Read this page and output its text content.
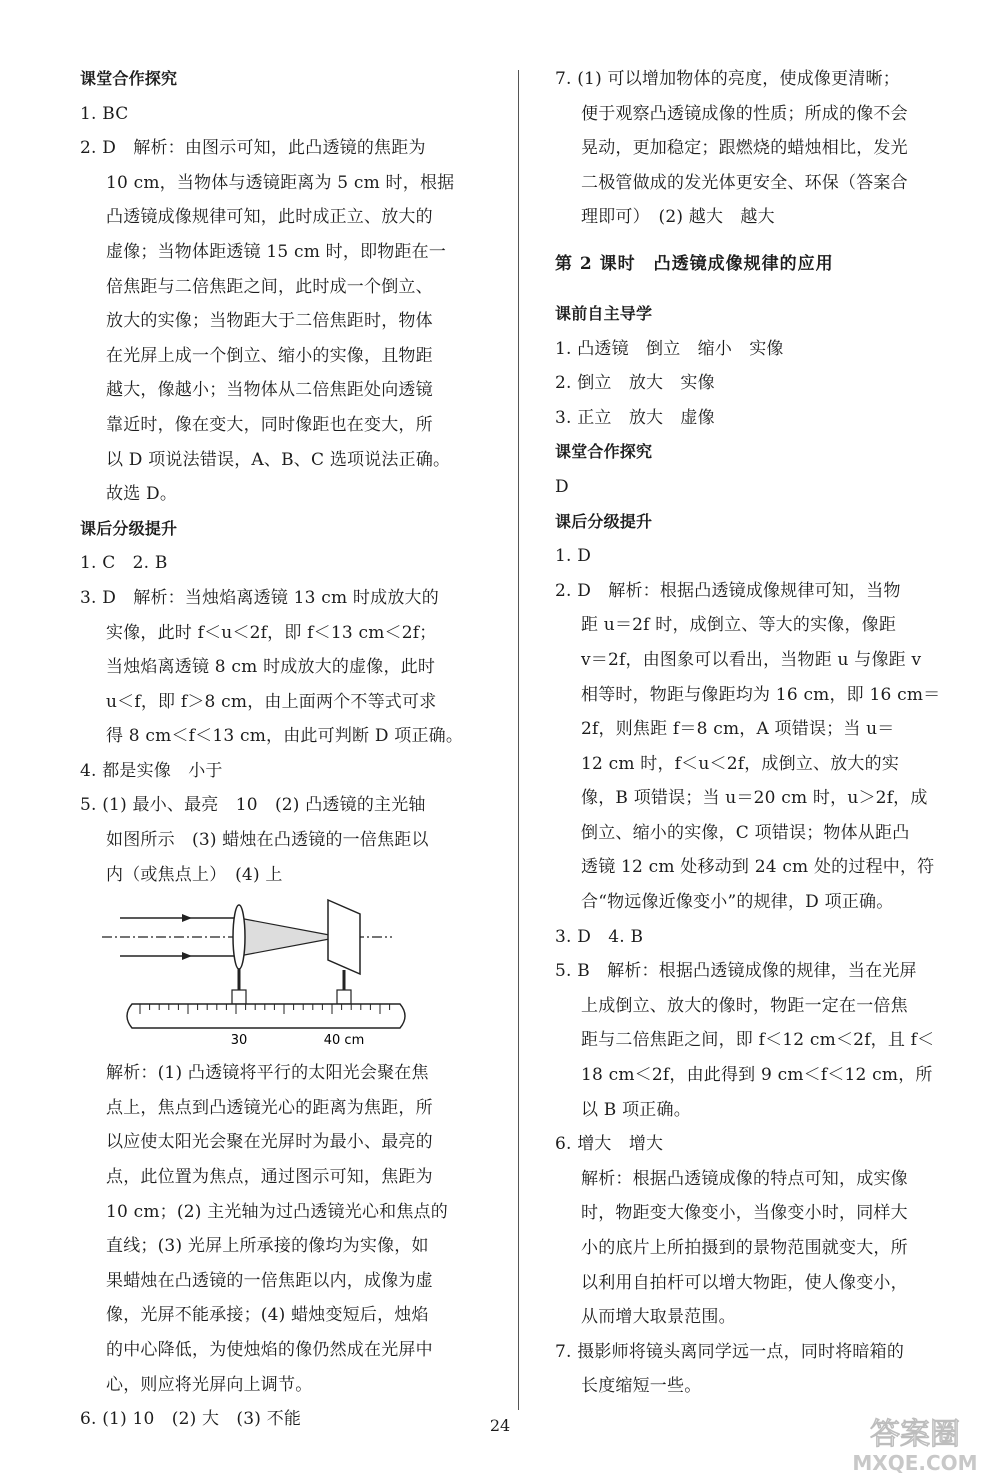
课堂合作探究
1. BC
2. D　解析：由图示可知，此凸透镜的焦距为
10 cm，当物体与透镜距离为 5 cm 时，根据
凸透镜成像规律可知，此时成正立、放大的
虚像；当物体距透镜 15 cm 时，即物距在一
倍焦距与二倍焦距之间，此时成一个倒立、
放大的实像；当物距大于二倍焦距时，物体
在光屏上成一个倒立、缩小的实像，且物距
越大，像越小；当物体从二倍焦距处向透镜
靠近时，像在变大，同时像距也在变大，所
以 D 项说法错误，A、B、C 选项说法正确。
故选 D。
课后分级提升
1. C　2. B
3. D　解析：当烛焰离透镜 13 cm 时成放大的
实像，此时 f＜u＜2f，即 f＜13 cm＜2f；
当烛焰离透镜 8 cm 时成放大的虚像，此时
u＜f，即 f＞8 cm，由上面两个不等式可求
得 8 cm＜f＜13 cm，由此可判断 D 项正确。
4. 都是实像　小于
5. (1) 最小、最亮　10　(2) 凸透镜的主光轴
如图所示　(3) 蜡烛在凸透镜的一倍焦距以
内（或焦点上）　(4) 上
30	40 cm
解析：(1) 凸透镜将平行的太阳光会聚在焦
点上，焦点到凸透镜光心的距离为焦距，所
以应使太阳光会聚在光屏时为最小、最亮的
点，此位置为焦点，通过图示可知，焦距为
10 cm；(2) 主光轴为过凸透镜光心和焦点的
直线；(3) 光屏上所承接的像均为实像，如
果蜡烛在凸透镜的一倍焦距以内，成像为虚
像，光屏不能承接；(4) 蜡烛变短后，烛焰
的中心降低，为使烛焰的像仍然成在光屏中
心，则应将光屏向上调节。
6. (1) 10　(2) 大　(3) 不能
7. (1) 可以增加物体的亮度，使成像更清晰；
便于观察凸透镜成像的性质；所成的像不会
晃动，更加稳定；跟燃烧的蜡烛相比，发光
二极管做成的发光体更安全、环保（答案合
理即可）　(2) 越大　越大
第 2 课时　凸透镜成像规律的应用
课前自主导学
1. 凸透镜　倒立　缩小　实像
2. 倒立　放大　实像
3. 正立　放大　虚像
课堂合作探究
D
课后分级提升
1. D
2. D　解析：根据凸透镜成像规律可知，当物
距 u＝2f 时，成倒立、等大的实像，像距
v＝2f，由图象可以看出，当物距 u 与像距 v
相等时，物距与像距均为 16 cm，即 16 cm＝
2f，则焦距 f＝8 cm，A 项错误；当 u＝
12 cm 时，f＜u＜2f，成倒立、放大的实
像，B 项错误；当 u＝20 cm 时，u＞2f，成
倒立、缩小的实像，C 项错误；物体从距凸
透镜 12 cm 处移动到 24 cm 处的过程中，符
合“物远像近像变小”的规律，D 项正确。
3. D　4. B
5. B　解析：根据凸透镜成像的规律，当在光屏
上成倒立、放大的像时，物距一定在一倍焦
距与二倍焦距之间，即 f＜12 cm＜2f，且 f＜
18 cm＜2f，由此得到 9 cm＜f＜12 cm，所
以 B 项正确。
6. 增大　增大
解析：根据凸透镜成像的特点可知，成实像
时，物距变大像变小，当像变小时，同样大
小的底片上所拍摄到的景物范围就变大，所
以利用自拍杆可以增大物距，使人像变小，
从而增大取景范围。
7. 摄影师将镜头离同学远一点，同时将暗箱的
长度缩短一些。
24	答案圈
MXQE.COM
